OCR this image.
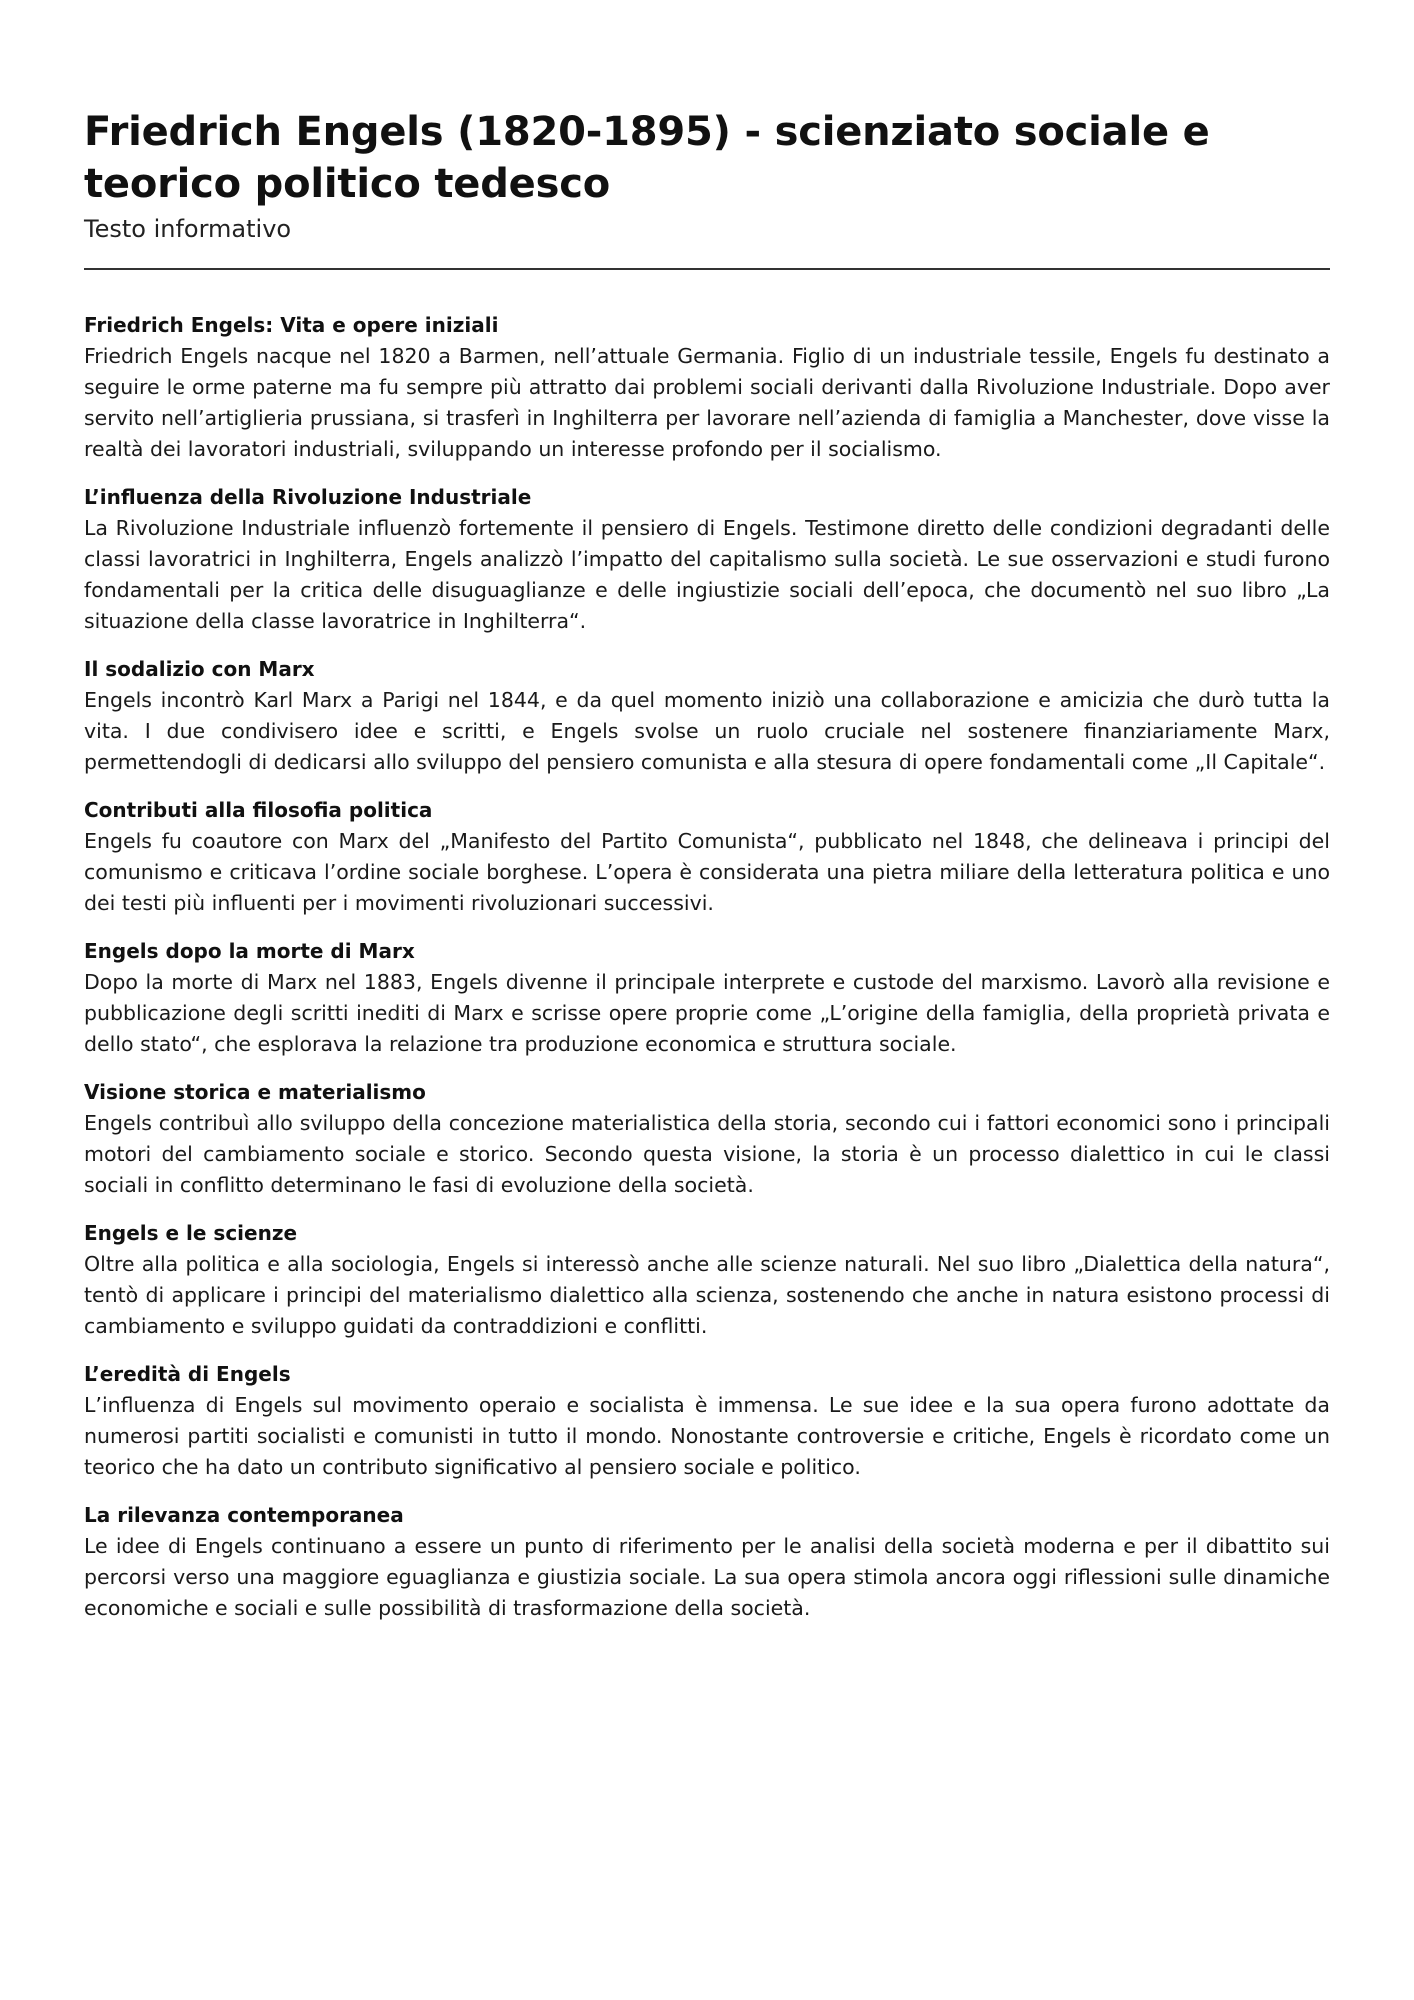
Friedrich Engels (1820-1895) - scienziato sociale e teorico politico tedesco

Testo informativo

Friedrich Engels: Vita e opere iniziali

Friedrich Engels nacque nel 1820 a Barmen, nell’attuale Germania. Figlio di un industriale tessile, Engels fu destinato a seguire le orme paterne ma fu sempre più attratto dai problemi sociali derivanti dalla Rivoluzione Industriale. Dopo aver servito nell’artiglieria prussiana, si trasferì in Inghilterra per lavorare nell’azienda di famiglia a Manchester, dove visse la realtà dei lavoratori industriali, sviluppando un interesse profondo per il socialismo.

L’influenza della Rivoluzione Industriale

La Rivoluzione Industriale influenzò fortemente il pensiero di Engels. Testimone diretto delle condizioni degradanti delle classi lavoratrici in Inghilterra, Engels analizzò l’impatto del capitalismo sulla società. Le sue osservazioni e studi furono fondamentali per la critica delle disuguaglianze e delle ingiustizie sociali dell’epoca, che documentò nel suo libro „La situazione della classe lavoratrice in Inghilterra“.

Il sodalizio con Marx

Engels incontrò Karl Marx a Parigi nel 1844, e da quel momento iniziò una collaborazione e amicizia che durò tutta la vita. I due condivisero idee e scritti, e Engels svolse un ruolo cruciale nel sostenere finanziariamente Marx, permettendogli di dedicarsi allo sviluppo del pensiero comunista e alla stesura di opere fondamentali come „Il Capitale“.

Contributi alla filosofia politica

Engels fu coautore con Marx del „Manifesto del Partito Comunista“, pubblicato nel 1848, che delineava i principi del comunismo e criticava l’ordine sociale borghese. L’opera è considerata una pietra miliare della letteratura politica e uno dei testi più influenti per i movimenti rivoluzionari successivi.

Engels dopo la morte di Marx

Dopo la morte di Marx nel 1883, Engels divenne il principale interprete e custode del marxismo. Lavorò alla revisione e pubblicazione degli scritti inediti di Marx e scrisse opere proprie come „L’origine della famiglia, della proprietà privata e dello stato“, che esplorava la relazione tra produzione economica e struttura sociale.

Visione storica e materialismo

Engels contribuì allo sviluppo della concezione materialistica della storia, secondo cui i fattori economici sono i principali motori del cambiamento sociale e storico. Secondo questa visione, la storia è un processo dialettico in cui le classi sociali in conflitto determinano le fasi di evoluzione della società.

Engels e le scienze

Oltre alla politica e alla sociologia, Engels si interessò anche alle scienze naturali. Nel suo libro „Dialettica della natura“, tentò di applicare i principi del materialismo dialettico alla scienza, sostenendo che anche in natura esistono processi di cambiamento e sviluppo guidati da contraddizioni e conflitti.

L’eredità di Engels

L’influenza di Engels sul movimento operaio e socialista è immensa. Le sue idee e la sua opera furono adottate da numerosi partiti socialisti e comunisti in tutto il mondo. Nonostante controversie e critiche, Engels è ricordato come un teorico che ha dato un contributo significativo al pensiero sociale e politico.

La rilevanza contemporanea

Le idee di Engels continuano a essere un punto di riferimento per le analisi della società moderna e per il dibattito sui percorsi verso una maggiore eguaglianza e giustizia sociale. La sua opera stimola ancora oggi riflessioni sulle dinamiche economiche e sociali e sulle possibilità di trasformazione della società.
